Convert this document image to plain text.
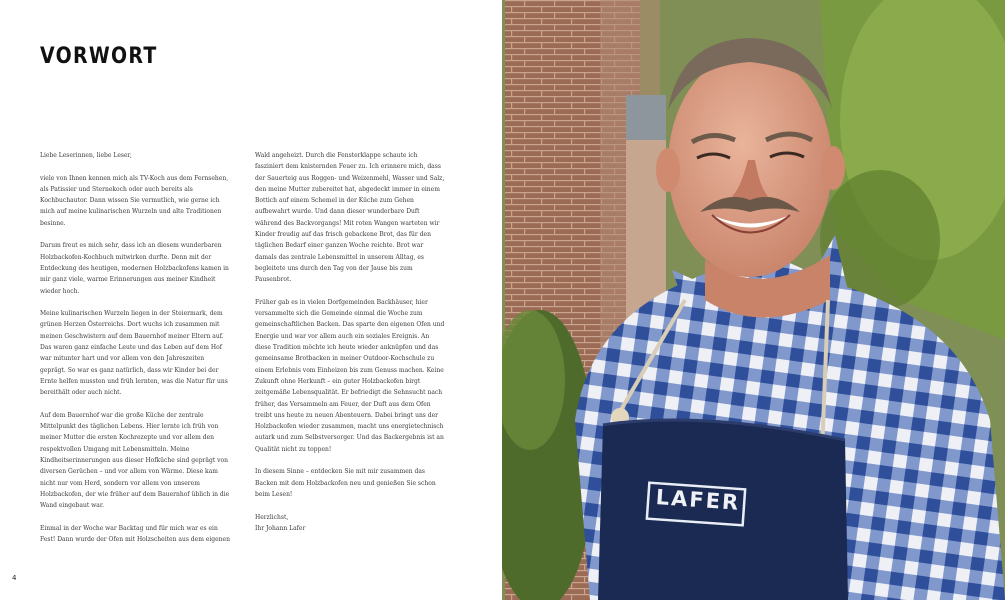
VORWORT

Liebe Leserinnen, liebe Leser,

viele von Ihnen kennen mich als TV-Koch aus dem Fernsehen, als Patissier und Sternekoch oder auch bereits als Kochbuchautor. Dann wissen Sie vermutlich, wie gerne ich mich auf meine kulinarischen Wurzeln und alte Traditionen besinne.

Darum freut es mich sehr, dass ich an diesem wunderbaren Holzbackofen-Kochbuch mitwirken durfte. Denn mit der Entdeckung des heutigen, modernen Holzbackofens kamen in mir ganz viele, warme Erinnerungen aus meiner Kindheit wieder hoch.

Meine kulinarischen Wurzeln liegen in der Steiermark, dem grünen Herzen Österreichs. Dort wuchs ich zusammen mit meinen Geschwistern auf dem Bauernhof meiner Eltern auf. Das waren ganz einfache Leute und das Leben auf dem Hof war mitunter hart und vor allem von den Jahreszeiten geprägt. So war es ganz natürlich, dass wir Kinder bei der Ernte helfen mussten und früh lernten, was die Natur für uns bereithält oder auch nicht.

Auf dem Bauernhof war die große Küche der zentrale Mittelpunkt des täglichen Lebens. Hier lernte ich früh von meiner Mutter die ersten Kochrezepte und vor allem den respektvollen Umgang mit Lebensmitteln. Meine Kindheitserinnerungen aus dieser Hofküche sind geprägt von diversen Gerüchen – und vor allem von Wärme. Diese kam nicht nur vom Herd, sondern vor allem von unserem Holzbackofen, der wie früher auf dem Bauernhof üblich in die Wand eingebaut war.

Einmal in der Woche war Backtag und für mich war es ein Fest! Dann wurde der Ofen mit Holzscheiten aus dem eigenen

Wald angeheizt. Durch die Fensterklappe schaute ich fasziniert dem knisternden Feuer zu. Ich erinnere mich, dass der Sauerteig aus Roggen- und Weizenmehl, Wasser und Salz, den meine Mutter zubereitet hat, abgedeckt immer in einem Bottich auf einem Schemel in der Küche zum Gehen aufbewahrt wurde. Und dann dieser wunderbare Duft während des Backvorgangs! Mit roten Wangen warteten wir Kinder freudig auf das frisch gebackene Brot, das für den täglichen Bedarf einer ganzen Woche reichte. Brot war damals das zentrale Lebensmittel in unserem Alltag, es begleitete uns durch den Tag von der Jause bis zum Pausenbrot.

Früher gab es in vielen Dorfgemeinden Backhäuser, hier versammelte sich die Gemeinde einmal die Woche zum gemeinschaftlichen Backen. Das sparte den eigenen Ofen und Energie und war vor allem auch ein soziales Ereignis. An diese Tradition möchte ich heute wieder anknüpfen und das gemeinsame Brotbacken in meiner Outdoor-Kochschule zu einem Erlebnis vom Einheizen bis zum Genuss machen. Keine Zukunft ohne Herkunft – ein guter Holzbackofen birgt zeitgemäße Lebensqualität. Er befriedigt die Sehnsucht nach früher, das Versammeln am Feuer, der Duft aus dem Ofen treibt uns heute zu neuen Abenteuern. Dabei bringt uns der Holzbackofen wieder zusammen, macht uns energietechnisch autark und zum Selbstversorger. Und das Backergebnis ist an Qualität nicht zu toppen!

In diesem Sinne – entdecken Sie mit mir zusammen das Backen mit dem Holzbackofen neu und genießen Sie schon beim Lesen!

Herzlichst,

Ihr Johann Lafer

4
LAFER
